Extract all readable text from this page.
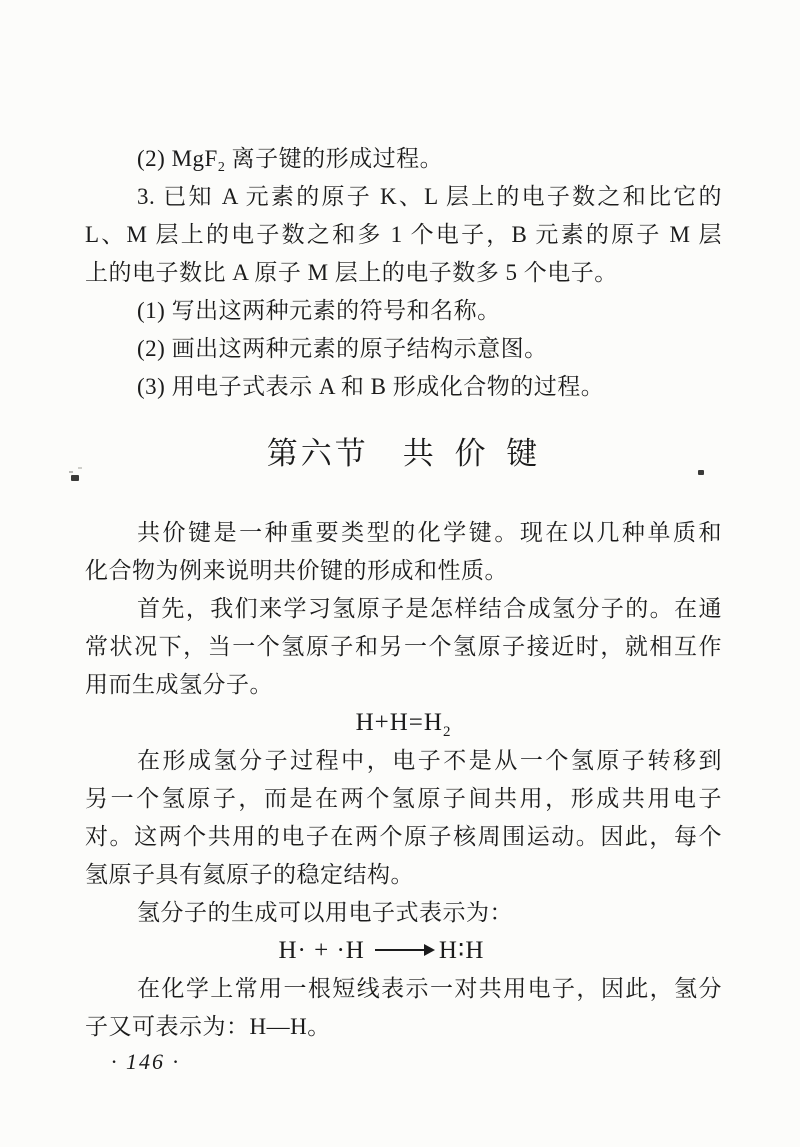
(2) MgF$_2$ 离子键的形成过程。
3. 已知 A 元素的原子 K、L 层上的电子数之和比它的
L、M 层上的电子数之和多 1 个电子，B 元素的原子 M 层
上的电子数比 A 原子 M 层上的电子数多 5 个电子。
(1) 写出这两种元素的符号和名称。
(2) 画出这两种元素的原子结构示意图。
(3) 用电子式表示 A 和 B 形成化合物的过程。
第六节 共 价 键
共价键是一种重要类型的化学键。现在以几种单质和
化合物为例来说明共价键的形成和性质。
首先，我们来学习氢原子是怎样结合成氢分子的。在通
常状况下，当一个氢原子和另一个氢原子接近时，就相互作
用而生成氢分子。
$H+H=H_2$
在形成氢分子过程中，电子不是从一个氢原子转移到
另一个氢原子，而是在两个氢原子间共用，形成共用电子
对。这两个共用的电子在两个原子核周围运动。因此，每个
氢原子具有氦原子的稳定结构。
氢分子的生成可以用电子式表示为：
H· + ·H	H∶H
在化学上常用一根短线表示一对共用电子，因此，氢分
子又可表示为：H—H。
· 146 ·
